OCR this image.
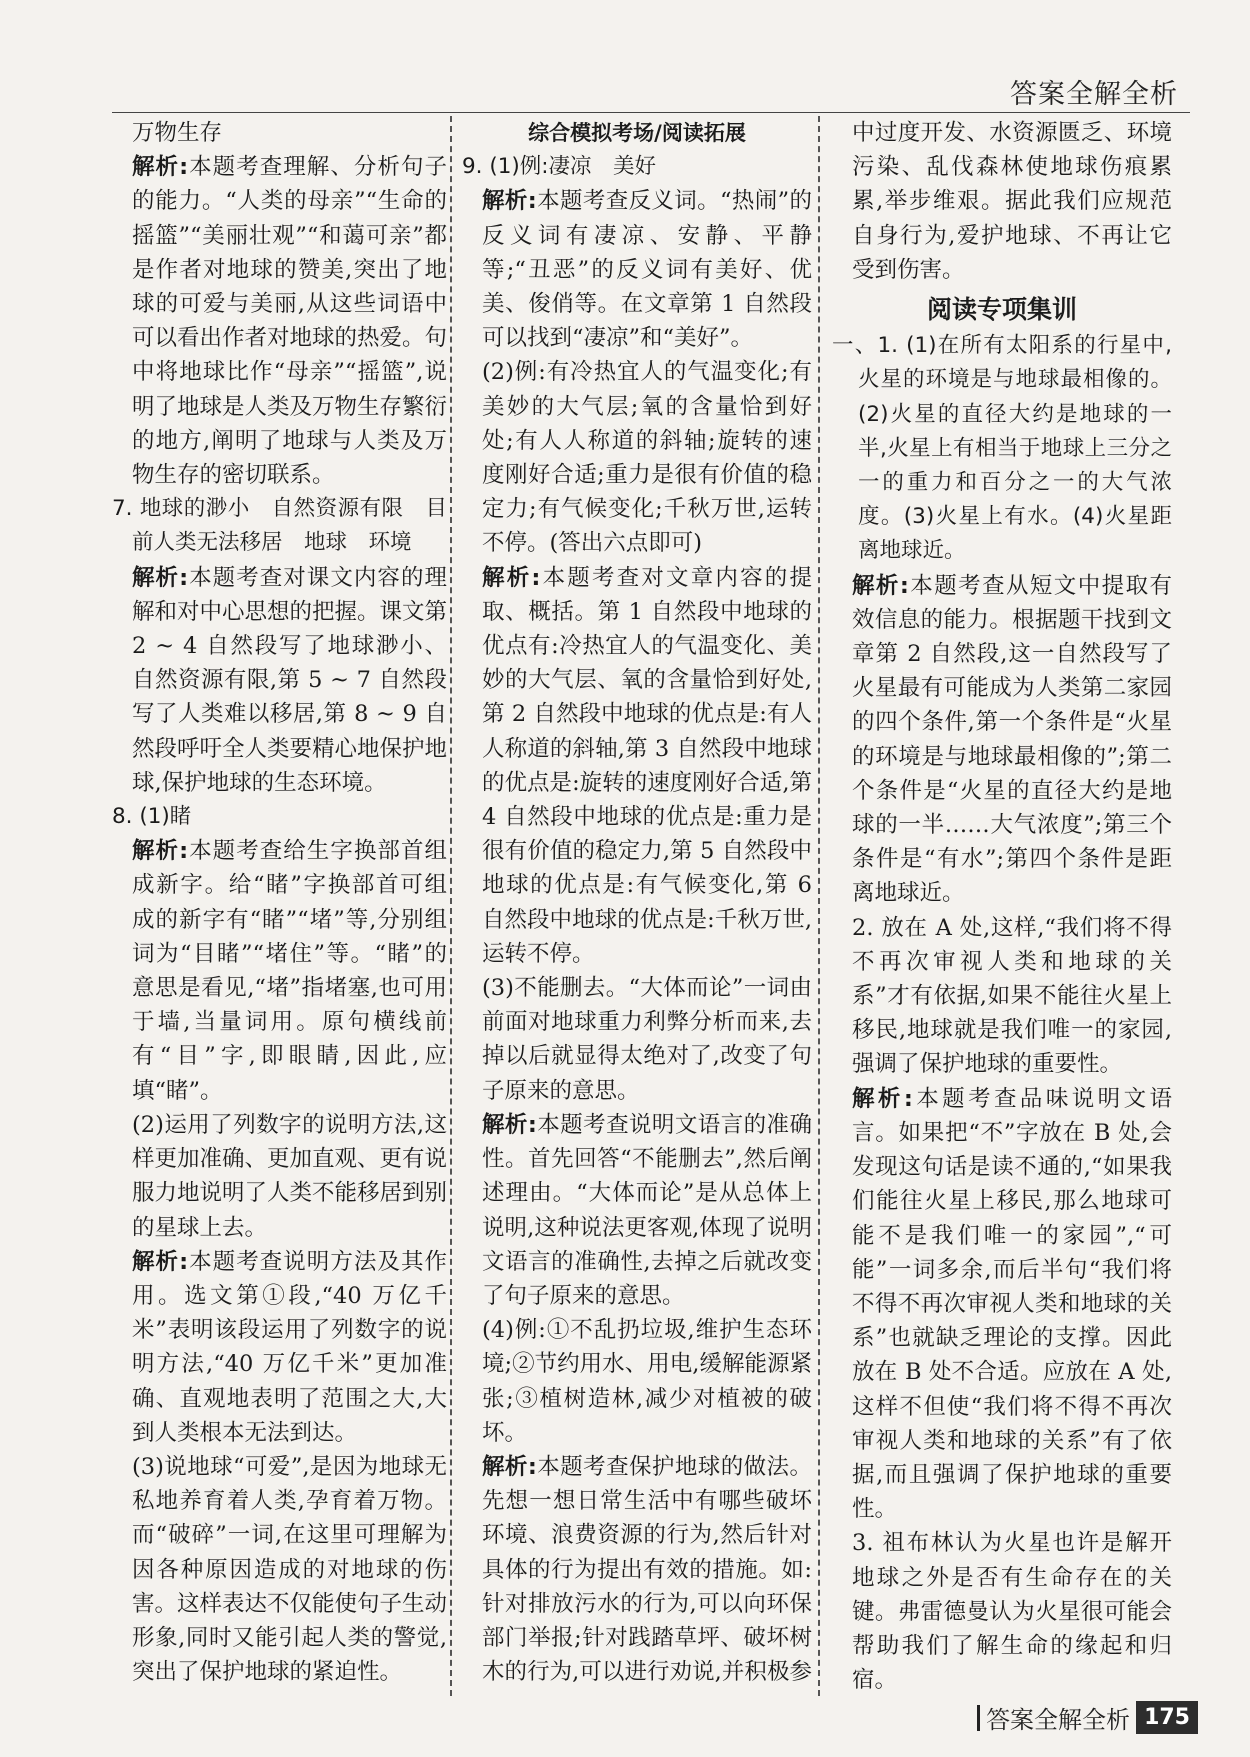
答案全解全析

万物生存

解析:本题考查理解、分析句子的能力。“人类的母亲”“生命的摇篮”“美丽壮观”“和蔼可亲”都是作者对地球的赞美,突出了地球的可爱与美丽,从这些词语中可以看出作者对地球的热爱。句中将地球比作“母亲”“摇篮”,说明了地球是人类及万物生存繁衍的地方,阐明了地球与人类及万物生存的密切联系。

7. 地球的渺小　自然资源有限　目前人类无法移居　地球　环境

解析:本题考查对课文内容的理解和对中心思想的把握。课文第 2 ~ 4 自然段写了地球渺小、自然资源有限,第 5 ~ 7 自然段写了人类难以移居,第 8 ~ 9 自然段呼吁全人类要精心地保护地球,保护地球的生态环境。

8. (1)睹

解析:本题考查给生字换部首组成新字。给“睹”字换部首可组成的新字有“睹”“堵”等,分别组词为“目睹”“堵住”等。“睹”的意思是看见,“堵”指堵塞,也可用于墙,当量词用。原句横线前有“目”字,即眼睛,因此,应填“睹”。

(2)运用了列数字的说明方法,这样更加准确、更加直观、更有说服力地说明了人类不能移居到别的星球上去。

解析:本题考查说明方法及其作用。选文第①段,“40 万亿千米”表明该段运用了列数字的说明方法,“40 万亿千米”更加准确、直观地表明了范围之大,大到人类根本无法到达。

(3)说地球“可爱”,是因为地球无私地养育着人类,孕育着万物。而“破碎”一词,在这里可理解为因各种原因造成的对地球的伤害。这样表达不仅能使句子生动形象,同时又能引起人类的警觉,突出了保护地球的紧迫性。

综合模拟考场/阅读拓展

9. (1)例:凄凉　美好

解析:本题考查反义词。“热闹”的反义词有凄凉、安静、平静等;“丑恶”的反义词有美好、优美、俊俏等。在文章第 1 自然段可以找到“凄凉”和“美好”。

(2)例:有冷热宜人的气温变化;有美妙的大气层;氧的含量恰到好处;有人人称道的斜轴;旋转的速度刚好合适;重力是很有价值的稳定力;有气候变化;千秋万世,运转不停。(答出六点即可)

解析:本题考查对文章内容的提取、概括。第 1 自然段中地球的优点有:冷热宜人的气温变化、美妙的大气层、氧的含量恰到好处,第 2 自然段中地球的优点是:有人人称道的斜轴,第 3 自然段中地球的优点是:旋转的速度刚好合适,第 4 自然段中地球的优点是:重力是很有价值的稳定力,第 5 自然段中地球的优点是:有气候变化,第 6 自然段中地球的优点是:千秋万世,运转不停。

(3)不能删去。“大体而论”一词由前面对地球重力利弊分析而来,去掉以后就显得太绝对了,改变了句子原来的意思。

解析:本题考查说明文语言的准确性。首先回答“不能删去”,然后阐述理由。“大体而论”是从总体上说明,这种说法更客观,体现了说明文语言的准确性,去掉之后就改变了句子原来的意思。

(4)例:①不乱扔垃圾,维护生态环境;②节约用水、用电,缓解能源紧张;③植树造林,减少对植被的破坏。

解析:本题考查保护地球的做法。先想一想日常生活中有哪些破坏环境、浪费资源的行为,然后针对具体的行为提出有效的措施。如:针对排放污水的行为,可以向环保部门举报;针对践踏草坪、破坏树木的行为,可以进行劝说,并积极参

中过度开发、水资源匮乏、环境污染、乱伐森林使地球伤痕累累,举步维艰。据此我们应规范自身行为,爱护地球、不再让它受到伤害。

阅读专项集训

一、1. (1)在所有太阳系的行星中,火星的环境是与地球最相像的。(2)火星的直径大约是地球的一半,火星上有相当于地球上三分之一的重力和百分之一的大气浓度。(3)火星上有水。(4)火星距离地球近。

解析:本题考查从短文中提取有效信息的能力。根据题干找到文章第 2 自然段,这一自然段写了火星最有可能成为人类第二家园的四个条件,第一个条件是“火星的环境是与地球最相像的”;第二个条件是“火星的直径大约是地球的一半……大气浓度”;第三个条件是“有水”;第四个条件是距离地球近。

2. 放在 A 处,这样,“我们将不得不再次审视人类和地球的关系”才有依据,如果不能往火星上移民,地球就是我们唯一的家园,强调了保护地球的重要性。

解析:本题考查品味说明文语言。如果把“不”字放在 B 处,会发现这句话是读不通的,“如果我们能往火星上移民,那么地球可能不是我们唯一的家园”,“可能”一词多余,而后半句“我们将不得不再次审视人类和地球的关系”也就缺乏理论的支撑。因此放在 B 处不合适。应放在 A 处,这样不但使“我们将不得不再次审视人类和地球的关系”有了依据,而且强调了保护地球的重要性。

3. 祖布林认为火星也许是解开地球之外是否有生命存在的关键。弗雷德曼认为火星很可能会帮助我们了解生命的缘起和归宿。

答案全解全析 175
